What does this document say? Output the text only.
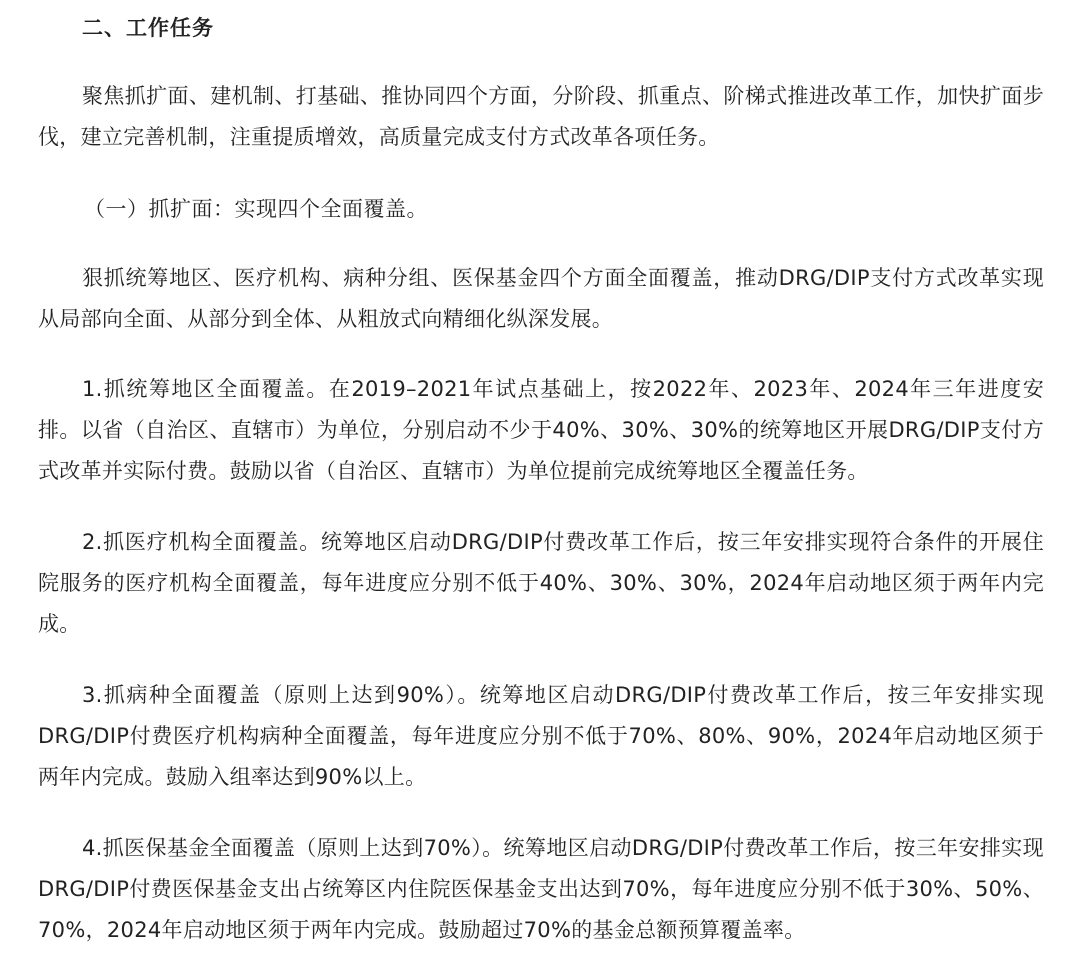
二、工作任务

聚焦抓扩面、建机制、打基础、推协同四个方面，分阶段、抓重点、阶梯式推进改革工作，加快扩面步伐，建立完善机制，注重提质增效，高质量完成支付方式改革各项任务。

（一）抓扩面：实现四个全面覆盖。

狠抓统筹地区、医疗机构、病种分组、医保基金四个方面全面覆盖，推动DRG/DIP支付方式改革实现从局部向全面、从部分到全体、从粗放式向精细化纵深发展。

1.抓统筹地区全面覆盖。在2019–2021年试点基础上，按2022年、2023年、2024年三年进度安排。以省（自治区、直辖市）为单位，分别启动不少于40%、30%、30%的统筹地区开展DRG/DIP支付方式改革并实际付费。鼓励以省（自治区、直辖市）为单位提前完成统筹地区全覆盖任务。

2.抓医疗机构全面覆盖。统筹地区启动DRG/DIP付费改革工作后，按三年安排实现符合条件的开展住院服务的医疗机构全面覆盖，每年进度应分别不低于40%、30%、30%，2024年启动地区须于两年内完成。

3.抓病种全面覆盖（原则上达到90%）。统筹地区启动DRG/DIP付费改革工作后，按三年安排实现DRG/DIP付费医疗机构病种全面覆盖，每年进度应分别不低于70%、80%、90%，2024年启动地区须于两年内完成。鼓励入组率达到90%以上。

4.抓医保基金全面覆盖（原则上达到70%）。统筹地区启动DRG/DIP付费改革工作后，按三年安排实现DRG/DIP付费医保基金支出占统筹区内住院医保基金支出达到70%，每年进度应分别不低于30%、50%、70%，2024年启动地区须于两年内完成。鼓励超过70%的基金总额预算覆盖率。
